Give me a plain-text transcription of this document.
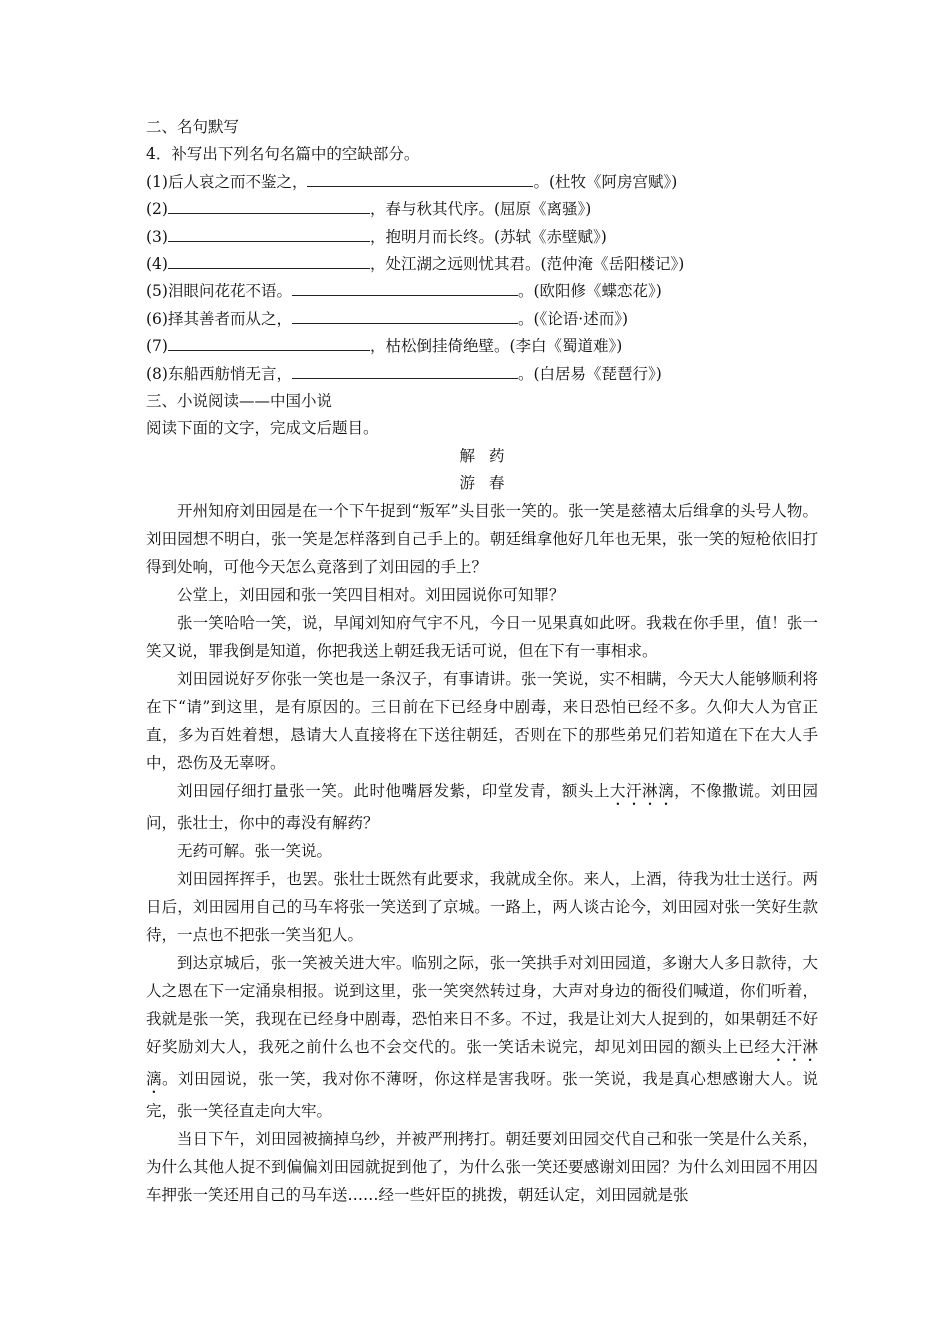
二、名句默写
4．补写出下列名句名篇中的空缺部分。
(1)后人哀之而不鉴之，	。(杜牧《阿房宫赋》)
(2)	，春与秋其代序。(屈原《离骚》)
(3)	，抱明月而长终。(苏轼《赤壁赋》)
(4)	，处江湖之远则忧其君。(范仲淹《岳阳楼记》)
(5)泪眼问花花不语。	。(欧阳修《蝶恋花》)
(6)择其善者而从之，	。(《论语·述而》)
(7)	，枯松倒挂倚绝壁。(李白《蜀道难》)
(8)东船西舫悄无言，	。(白居易《琵琶行》)
三、小说阅读——中国小说
阅读下面的文字，完成文后题目。
解药
游春

开州知府刘田园是在一个下午捉到“叛军”头目张一笑的。张一笑是慈禧太后缉拿的头号人物。刘田园想不明白，张一笑是怎样落到自己手上的。朝廷缉拿他好几年也无果，张一笑的短枪依旧打得到处响，可他今天怎么竟落到了刘田园的手上？

公堂上，刘田园和张一笑四目相对。刘田园说你可知罪？

张一笑哈哈一笑，说，早闻刘知府气宇不凡，今日一见果真如此呀。我栽在你手里，值！张一笑又说，罪我倒是知道，你把我送上朝廷我无话可说，但在下有一事相求。

刘田园说好歹你张一笑也是一条汉子，有事请讲。张一笑说，实不相瞒，今天大人能够顺利将在下“请”到这里，是有原因的。三日前在下已经身中剧毒，来日恐怕已经不多。久仰大人为官正直，多为百姓着想，恳请大人直接将在下送往朝廷，否则在下的那些弟兄们若知道在下在大人手中，恐伤及无辜呀。

刘田园仔细打量张一笑。此时他嘴唇发紫，印堂发青，额头上大汗淋漓，不像撒谎。刘田园问，张壮士，你中的毒没有解药？

无药可解。张一笑说。

刘田园挥挥手，也罢。张壮士既然有此要求，我就成全你。来人，上酒，待我为壮士送行。两日后，刘田园用自己的马车将张一笑送到了京城。一路上，两人谈古论今，刘田园对张一笑好生款待，一点也不把张一笑当犯人。

到达京城后，张一笑被关进大牢。临别之际，张一笑拱手对刘田园道，多谢大人多日款待，大人之恩在下一定涌泉相报。说到这里，张一笑突然转过身，大声对身边的衙役们喊道，你们听着，我就是张一笑，我现在已经身中剧毒，恐怕来日不多。不过，我是让刘大人捉到的，如果朝廷不好好奖励刘大人，我死之前什么也不会交代的。张一笑话未说完，却见刘田园的额头上已经大汗淋漓。刘田园说，张一笑，我对你不薄呀，你这样是害我呀。张一笑说，我是真心想感谢大人。说完，张一笑径直走向大牢。

当日下午，刘田园被摘掉乌纱，并被严刑拷打。朝廷要刘田园交代自己和张一笑是什么关系，为什么其他人捉不到偏偏刘田园就捉到他了，为什么张一笑还要感谢刘田园？为什么刘田园不用囚车押张一笑还用自己的马车送……经一些奸臣的挑拨，朝廷认定，刘田园就是张
